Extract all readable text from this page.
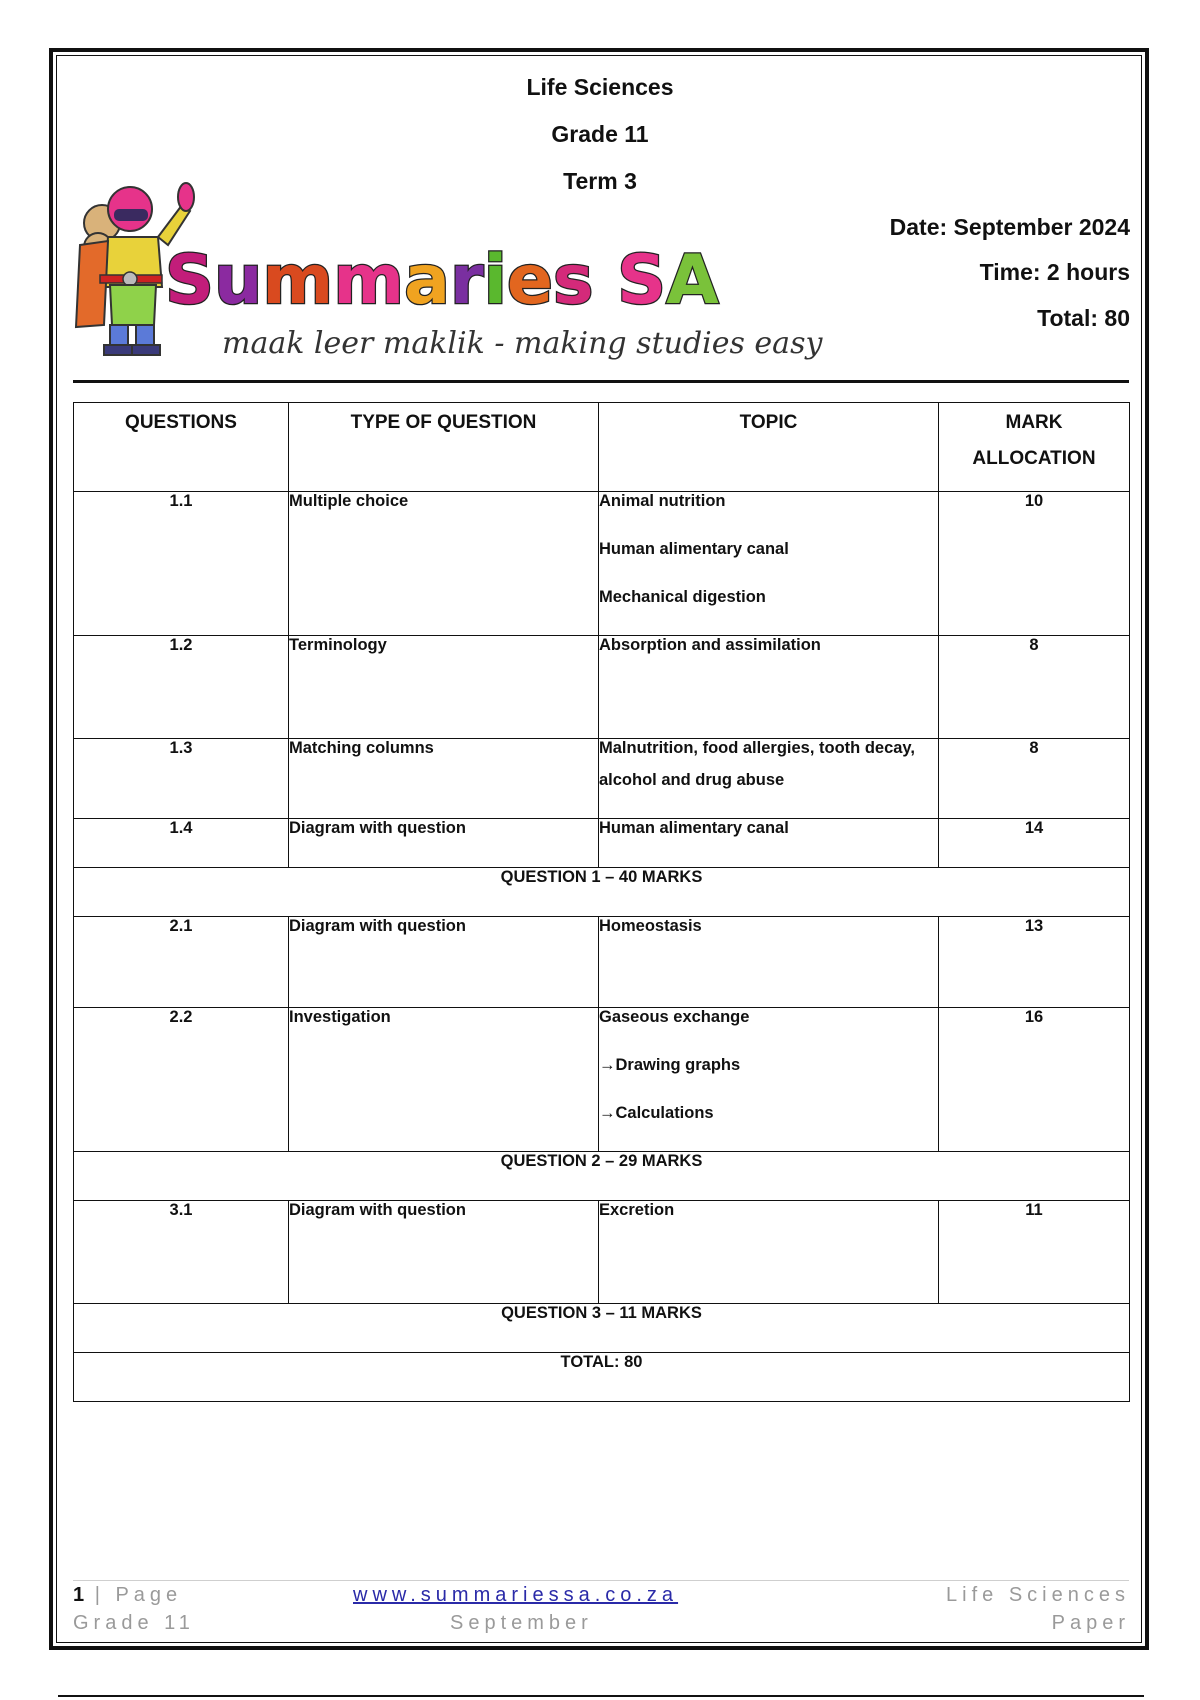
Life Sciences
Grade 11
Term 3
Date: September 2024
Time: 2 hours
Total: 80
Summaries SA
maak leer maklik - making studies easy
QUESTIONS	TYPE OF QUESTION	TOPIC	MARK
ALLOCATION

1.1	Multiple choice	Animal nutrition
Human alimentary canal
Mechanical digestion	10
1.2	Terminology	Absorption and assimilation	8
1.3	Matching columns	Malnutrition, food allergies, tooth decay, alcohol and drug abuse	8
1.4	Diagram with question	Human alimentary canal	14
QUESTION 1 – 40 MARKS			
2.1	Diagram with question	Homeostasis	13
2.2	Investigation	Gaseous exchange
→Drawing graphs
→Calculations	16
QUESTION 2 – 29 MARKS			
3.1	Diagram with question	Excretion	11
QUESTION 3 – 11 MARKS			
TOTAL: 80			
1 | Page
Grade 11
www.summariessa.co.za
September
Life Sciences
Paper
